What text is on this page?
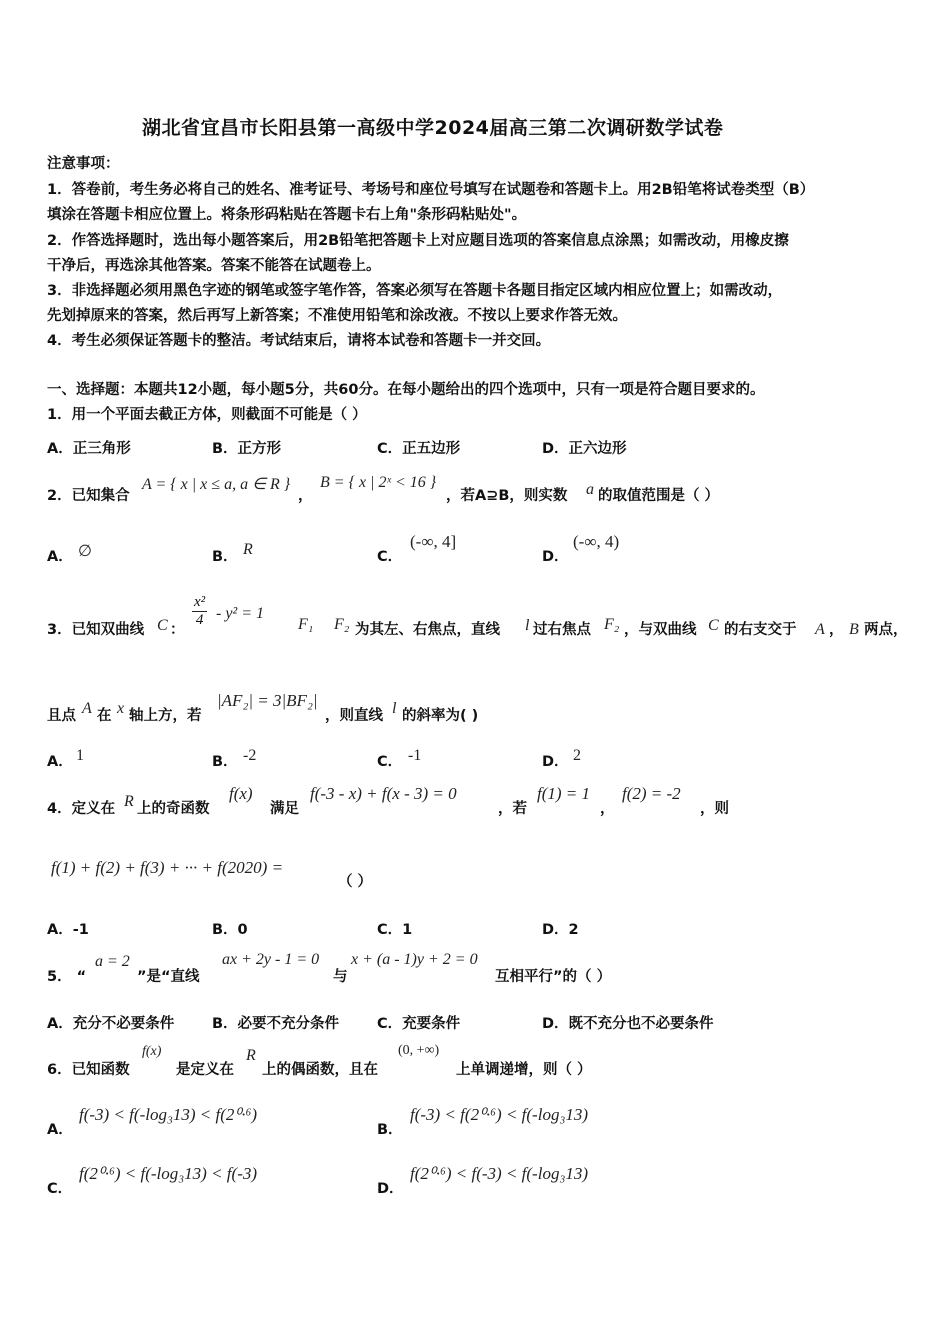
湖北省宜昌市长阳县第一高级中学2024届高三第二次调研数学试卷
注意事项：
1．答卷前，考生务必将自己的姓名、准考证号、考场号和座位号填写在试题卷和答题卡上。用2B铅笔将试卷类型（B）
填涂在答题卡相应位置上。将条形码粘贴在答题卡右上角"条形码粘贴处"。
2．作答选择题时，选出每小题答案后，用2B铅笔把答题卡上对应题目选项的答案信息点涂黑；如需改动，用橡皮擦
干净后，再选涂其他答案。答案不能答在试题卷上。
3．非选择题必须用黑色字迹的钢笔或签字笔作答，答案必须写在答题卡各题目指定区域内相应位置上；如需改动，
先划掉原来的答案，然后再写上新答案；不准使用铅笔和涂改液。不按以上要求作答无效。
4．考生必须保证答题卡的整洁。考试结束后，请将本试卷和答题卡一并交回。
一、选择题：本题共12小题，每小题5分，共60分。在每小题给出的四个选项中，只有一项是符合题目要求的。
1．用一个平面去截正方体，则截面不可能是（ ）
A．正三角形	B．正方形	C．正五边形	D．正六边形
2．已知集合
A = { x | x ≤ a, a ∈ R }
，
B = { x | 2ˣ < 16 }
，若A⊇B，则实数 a 的取值范围是（ ）
A． ∅	B． R	C．
(-∞, 4]
D．
(-∞, 4)
3．已知双曲线 C ：
$\frac{\text{x²}}{4} - y^2 = 1$
F₁ F₂ 为其左、右焦点，直线 l 过右焦点 F₂ ，与双曲线 C 的右支交于 A ， B 两点，
且点 A 在 x 轴上方，若
|AF₂| = 3|BF₂|
，则直线 l 的斜率为( )
A． 1	B． -2	C． -1	D． 2
4．定义在 R 上的奇函数
f(x)
满足
f(-3 - x) + f(x - 3) = 0
，若
f(1) = 1
，
f(2) = -2
，则
f(1) + f(2) + f(3) + ··· + f(2020) =
（ ）
A．-1	B．0	C．1	D．2
5． “
a = 2
”是“直线
ax + 2y - 1 = 0
与
x + (a - 1)y + 2 = 0
互相平行”的（ ）
A．充分不必要条件	B．必要不充分条件	C．充要条件	D．既不充分也不必要条件
6．已知函数
f(x)
是定义在
R
上的偶函数，且在
(0, +∞)
上单调递增，则（ ）
A．
f(-3) < f(-log₃13) < f(2⁰·⁶)
B．
f(-3) < f(2⁰·⁶) < f(-log₃13)
C．
f(2⁰·⁶) < f(-log₃13) < f(-3)
D．
f(2⁰·⁶) < f(-3) < f(-log₃13)
